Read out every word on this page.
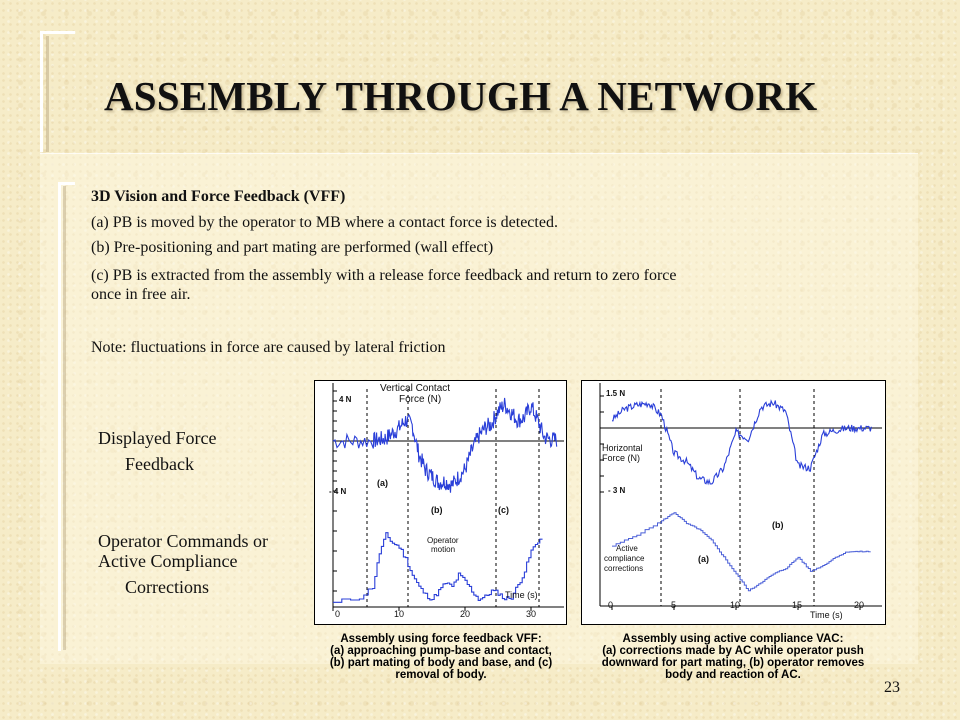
ASSEMBLY THROUGH A NETWORK
3D Vision and Force Feedback (VFF)
(a) PB is moved by the operator to MB where a contact force is detected.
(b) Pre-positioning and part mating are performed (wall effect)
(c) PB is extracted from the assembly with a release force feedback and return to zero force
once in free air.
Note: fluctuations in force are caused by lateral friction
Displayed Force
Feedback
Operator Commands or
Active Compliance
Corrections
Vertical Contact
Force (N)
4 N
- 4 N
(a)
(b)	(c)
Operator
motion
Time (s)
0	10	20	30
Assembly using force feedback VFF:
(a) approaching pump-base and contact,
(b) part mating of body and base, and (c)
removal of body.
1.5 N
Horizontal
Force (N)
- 3 N
(a)
(b)
Active
compliance
corrections
Time (s)
0	5	10	15	20
Assembly using active compliance VAC:
(a) corrections made by AC while operator push
downward for part mating, (b) operator removes
body and reaction of AC.
23
